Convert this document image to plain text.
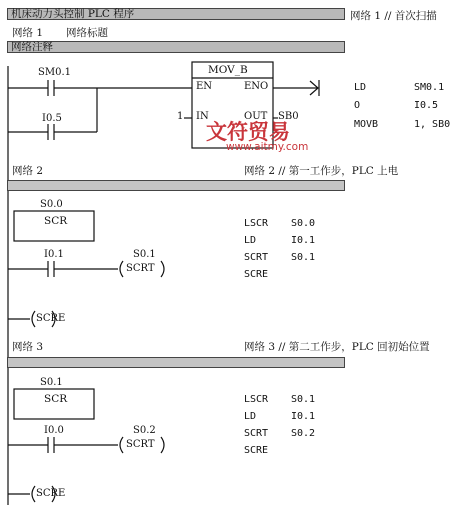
机床动力头控制 PLC 程序
网络 1 网络标题
网络注释
网络 1 // 首次扫描
SM0.1
I0.5
MOV_B
EN	ENO
1 IN	OUT SB0
LD	SM0.1
O	I0.5
MOVB	1, SB0
文符贸易
www.aitmy.com
网络 2	网络 2 // 第一工作步，PLC 上电
S0.0
SCR
I0.1	S0.1
SCRT
SCRE
LSCR S0.0
LD	I0.1
SCRT S0.1
SCRE
网络 3	网络 3 // 第二工作步，PLC 回初始位置
S0.1
SCR
I0.0	S0.2
SCRT
SCRE
LSCR S0.1
LD	I0.1
SCRT S0.2
SCRE
